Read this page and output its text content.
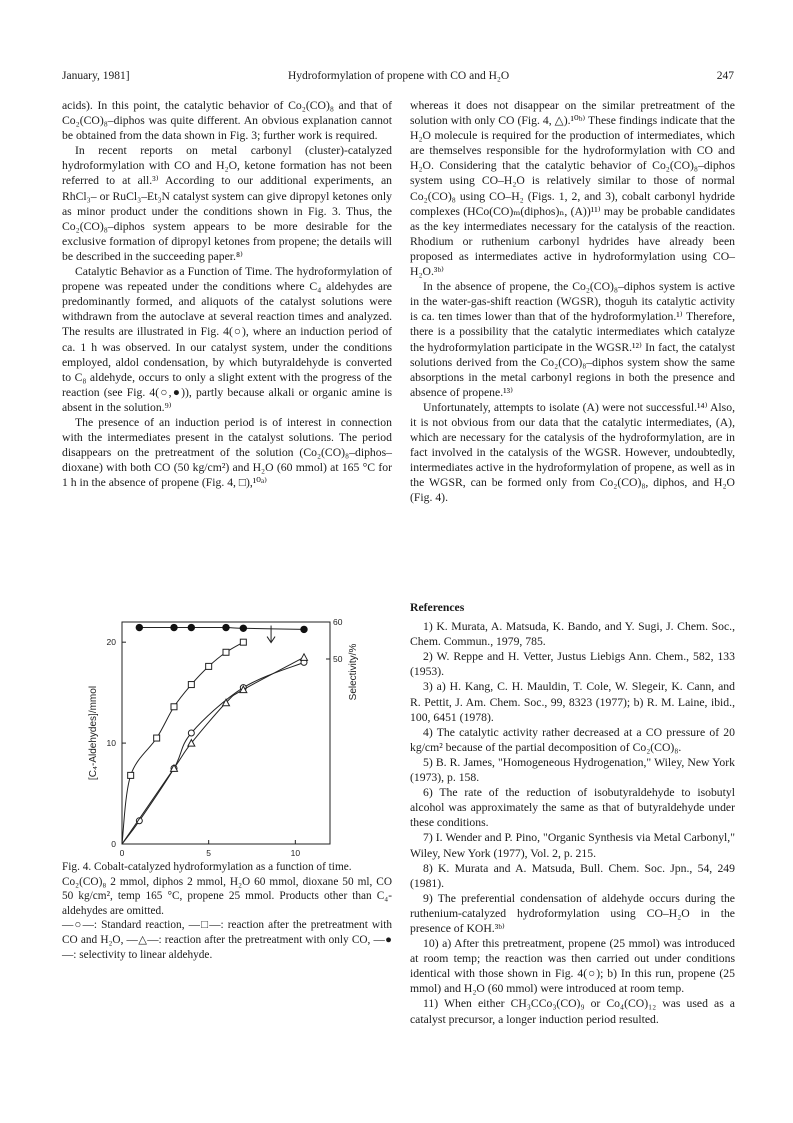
January, 1981]	Hydroformylation of propene with CO and H₂O	247

acids). In this point, the catalytic behavior of Co₂(CO)₈ and that of Co₂(CO)₈–diphos was quite different. An obvious explanation cannot be obtained from the data shown in Fig. 3; further work is required.

In recent reports on metal carbonyl (cluster)-catalyzed hydroformylation with CO and H₂O, ketone formation has not been referred to at all.³⁾ According to our additional experiments, an RhCl₃– or RuCl₃–Et₃N catalyst system can give dipropyl ketones only as minor product under the conditions shown in Fig. 3. Thus, the Co₂(CO)₈–diphos system appears to be more desirable for the exclusive formation of dipropyl ketones from propene; the details will be described in the succeeding paper.⁸⁾

Catalytic Behavior as a Function of Time. The hydroformylation of propene was repeated under the conditions where C₄ aldehydes are predominantly formed, and aliquots of the catalyst solutions were withdrawn from the autoclave at several reaction times and analyzed. The results are illustrated in Fig. 4(○), where an induction period of ca. 1 h was observed. In our catalyst system, under the conditions employed, aldol condensation, by which butyraldehyde is converted to C₈ aldehyde, occurs to only a slight extent with the progress of the reaction (see Fig. 4(○,●)), partly because alkali or organic amine is absent in the solution.⁹⁾

The presence of an induction period is of interest in connection with the intermediates present in the catalyst solutions. The period disappears on the pretreatment of the solution (Co₂(CO)₈–diphos–dioxane) with both CO (50 kg/cm²) and H₂O (60 mmol) at 165 °C for 1 h in the absence of propene (Fig. 4, □),¹⁰ᵃ⁾

whereas it does not disappear on the similar pretreatment of the solution with only CO (Fig. 4, △).¹⁰ᵇ⁾ These findings indicate that the H₂O molecule is required for the production of intermediates, which are themselves responsible for the hydroformylation with CO and H₂O. Considering that the catalytic behavior of Co₂(CO)₈–diphos system using CO–H₂O is relatively similar to those of normal Co₂(CO)₈ using CO–H₂ (Figs. 1, 2, and 3), cobalt carbonyl hydride complexes (HCo(CO)ₘ(diphos)ₙ, (A))¹¹⁾ may be probable candidates as the key intermediates necessary for the catalysis of the reaction. Rhodium or ruthenium carbonyl hydrides have already been proposed as intermediates active in hydroformylation using CO–H₂O.³ᵇ⁾

In the absence of propene, the Co₂(CO)₈–diphos system is active in the water-gas-shift reaction (WGSR), thoguh its catalytic activity is ca. ten times lower than that of the hydroformylation.¹⁾ Therefore, there is a possibility that the catalytic intermediates which catalyze the hydroformylation participate in the WGSR.¹²⁾ In fact, the catalyst solutions derived from the Co₂(CO)₈–diphos system show the same absorptions in the metal carbonyl regions in both the presence and absence of propene.¹³⁾

Unfortunately, attempts to isolate (A) were not successful.¹⁴⁾ Also, it is not obvious from our data that the catalytic intermediates, (A), which are necessary for the catalysis of the hydroformylation, are in fact involved in the catalysis of the WGSR. However, undoubtedly, intermediates active in the hydroformylation of propene, as well as in the WGSR, can be formed only from Co₂(CO)₈, diphos, and H₂O (Fig. 4).

References

1) K. Murata, A. Matsuda, K. Bando, and Y. Sugi, J. Chem. Soc., Chem. Commun., 1979, 785.

2) W. Reppe and H. Vetter, Justus Liebigs Ann. Chem., 582, 133 (1953).

3) a) H. Kang, C. H. Mauldin, T. Cole, W. Slegeir, K. Cann, and R. Pettit, J. Am. Chem. Soc., 99, 8323 (1977); b) R. M. Laine, ibid., 100, 6451 (1978).

4) The catalytic activity rather decreased at a CO pressure of 20 kg/cm² because of the partial decomposition of Co₂(CO)₈.

5) B. R. James, "Homogeneous Hydrogenation," Wiley, New York (1973), p. 158.

6) The rate of the reduction of isobutyraldehyde to isobutyl alcohol was approximately the same as that of butyraldehyde under these conditions.

7) I. Wender and P. Pino, "Organic Synthesis via Metal Carbonyl," Wiley, New York (1977), Vol. 2, p. 215.

8) K. Murata and A. Matsuda, Bull. Chem. Soc. Jpn., 54, 249 (1981).

9) The preferential condensation of aldehyde occurs during the ruthenium-catalyzed hydroformylation using CO–H₂O in the presence of KOH.³ᵇ⁾

10) a) After this pretreatment, propene (25 mmol) was introduced at room temp; the reaction was then carried out under conditions identical with those shown in Fig. 4(○); b) In this run, propene (25 mmol) and H₂O (60 mmol) were introduced at room temp.

11) When either CH₃CCo₃(CO)₉ or Co₄(CO)₁₂ was used as a catalyst precursor, a longer induction period resulted.

0	5	10
0
10
20
50
60
[C₄-Aldehydes]/mmol
Selectivity/%

Fig. 4. Cobalt-catalyzed hydroformylation as a function of time.

Co₂(CO)₈ 2 mmol, diphos 2 mmol, H₂O 60 mmol, dioxane 50 ml, CO 50 kg/cm², temp 165 °C, propene 25 mmol. Products other than C₄-aldehydes are omitted.

—○—: Standard reaction, —□—: reaction after the pretreatment with CO and H₂O, —△—: reaction after the pretreatment with only CO, —●—: selectivity to linear aldehyde.
